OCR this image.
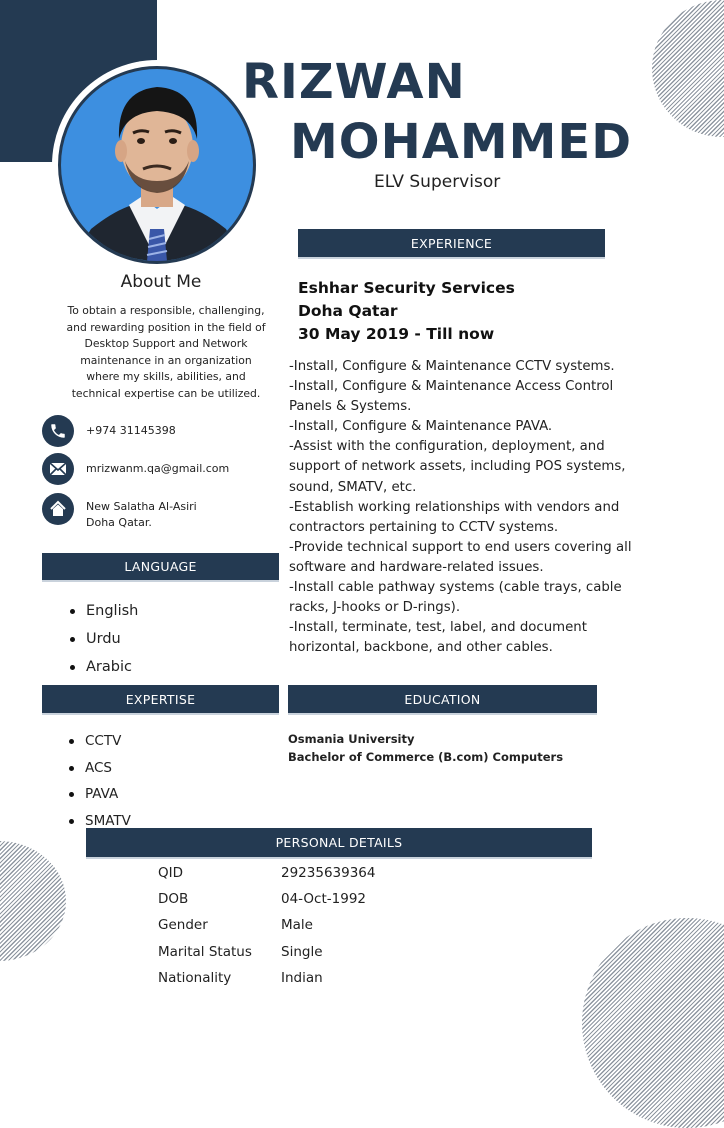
RIZWAN
MOHAMMED
ELV Supervisor
About Me
To obtain a responsible, challenging,
and rewarding position in the field of
Desktop Support and Network
maintenance in an organization
where my skills, abilities, and
technical expertise can be utilized.
+974 31145398
mrizwanm.qa@gmail.com
New Salatha Al-Asiri
Doha Qatar.
LANGUAGE
English
Urdu
Arabic
EXPERTISE
CCTV
ACS
PAVA
SMATV
EXPERIENCE
Eshhar Security Services
Doha Qatar
30 May 2019 - Till now
-Install, Configure & Maintenance CCTV systems.
-Install, Configure & Maintenance Access Control
Panels & Systems.
-Install, Configure & Maintenance PAVA.
-Assist with the configuration, deployment, and
support of network assets, including POS systems,
sound, SMATV, etc.
-Establish working relationships with vendors and
contractors pertaining to CCTV systems.
-Provide technical support to end users covering all
software and hardware-related issues.
-Install cable pathway systems (cable trays, cable
racks, J-hooks or D-rings).
-Install, terminate, test, label, and document
horizontal, backbone, and other cables.
EDUCATION
Osmania University
Bachelor of Commerce (B.com) Computers
PERSONAL DETAILS
QID	29235639364
DOB	04-Oct-1992
Gender	Male
Marital Status Single
Nationality	Indian
